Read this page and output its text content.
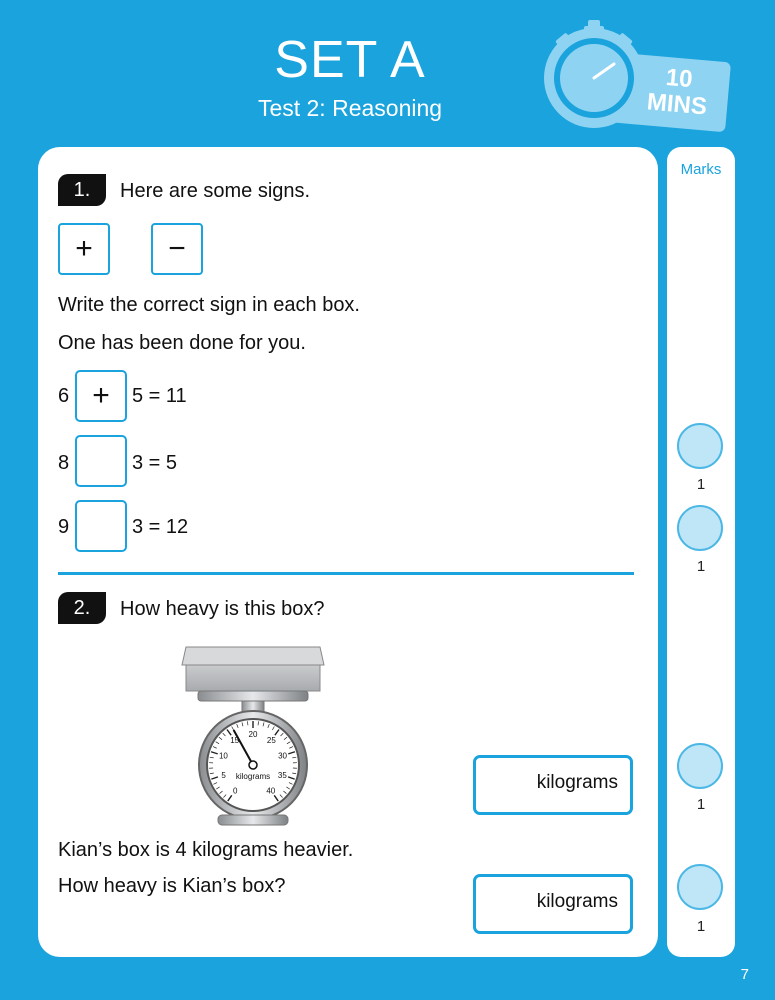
SET A
Test 2: Reasoning
10
MINS
1.	Here are some signs.
+	−
Write the correct sign in each box.
One has been done for you.
6 +	5 = 11
8	3 = 5
9	3 = 12
2.	How heavy is this box?
0
5
10
15
20
25
30
35
40
kilograms	kilograms
Kian’s box is 4 kilograms heavier.
How heavy is Kian’s box?
kilograms
Marks
1
1
1
1
7
